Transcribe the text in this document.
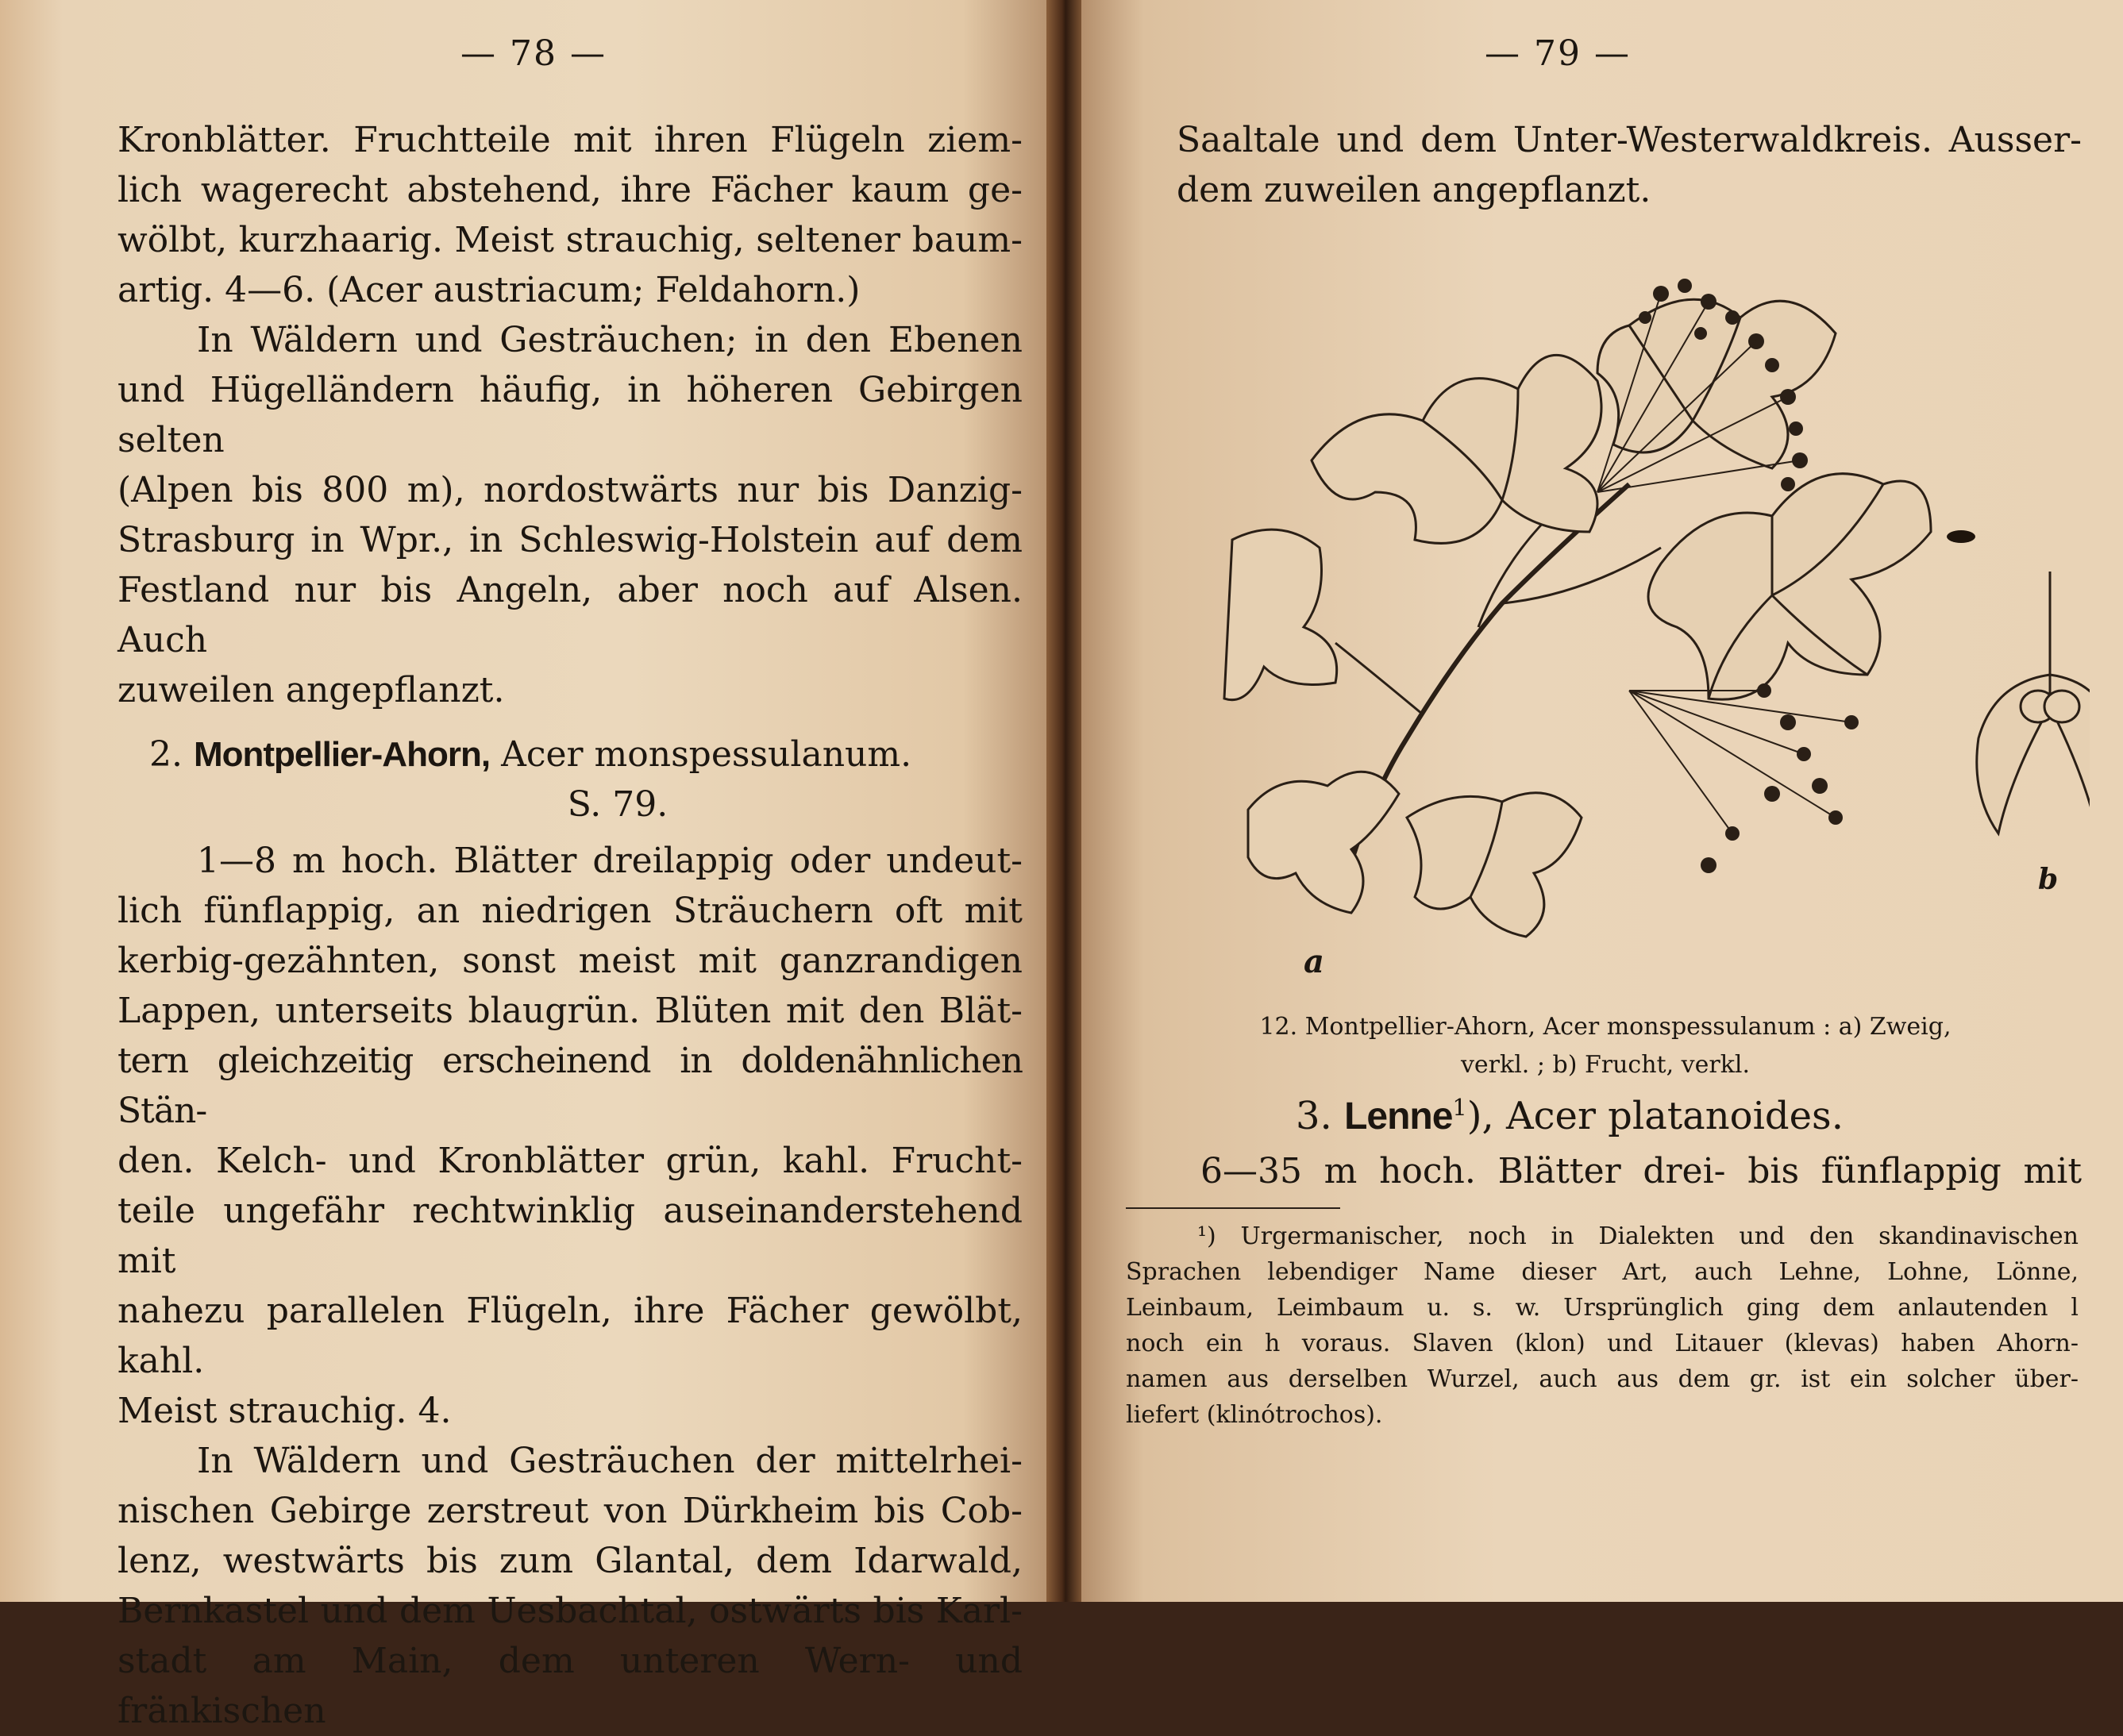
— 78 —

Kronblätter. Fruchtteile mit ihren Flügeln ziem-

lich wagerecht abstehend, ihre Fächer kaum ge-

wölbt, kurzhaarig. Meist strauchig, seltener baum-

artig. 4—6. (Acer austriacum; Feldahorn.)

In Wäldern und Gesträuchen; in den Ebenen

und Hügelländern häufig, in höheren Gebirgen selten

(Alpen bis 800 m), nordostwärts nur bis Danzig-

Strasburg in Wpr., in Schleswig-Holstein auf dem

Festland nur bis Angeln, aber noch auf Alsen. Auch

zuweilen angepflanzt.

2. Montpellier-Ahorn, Acer monspessulanum.

S. 79.

1—8 m hoch. Blätter dreilappig oder undeut-

lich fünflappig, an niedrigen Sträuchern oft mit

kerbig-gezähnten, sonst meist mit ganzrandigen

Lappen, unterseits blaugrün. Blüten mit den Blät-

tern gleichzeitig erscheinend in doldenähnlichen Stän-

den. Kelch- und Kronblätter grün, kahl. Frucht-

teile ungefähr rechtwinklig auseinanderstehend mit

nahezu parallelen Flügeln, ihre Fächer gewölbt, kahl.

Meist strauchig. 4.

In Wäldern und Gesträuchen der mittelrhei-

nischen Gebirge zerstreut von Dürkheim bis Cob-

lenz, westwärts bis zum Glantal, dem Idarwald,

Bernkastel und dem Uesbachtal, ostwärts bis Karl-

stadt am Main, dem unteren Wern- und fränkischen

— 79 —

Saaltale und dem Unter-Westerwaldkreis. Ausser-

dem zuweilen angepflanzt.

a
b
12. Montpellier-Ahorn, Acer monspessulanum : a) Zweig,
verkl. ; b) Frucht, verkl.
3. Lenne$^1$), Acer platanoides.
6—35 m hoch. Blätter drei- bis fünflappig mit

¹) Urgermanischer, noch in Dialekten und den skandinavischen

Sprachen lebendiger Name dieser Art, auch Lehne, Lohne, Lönne,

Leinbaum, Leimbaum u. s. w. Ursprünglich ging dem anlautenden l

noch ein h voraus. Slaven (klon) und Litauer (klevas) haben Ahorn-

namen aus derselben Wurzel, auch aus dem gr. ist ein solcher über-

liefert (klinótrochos).
